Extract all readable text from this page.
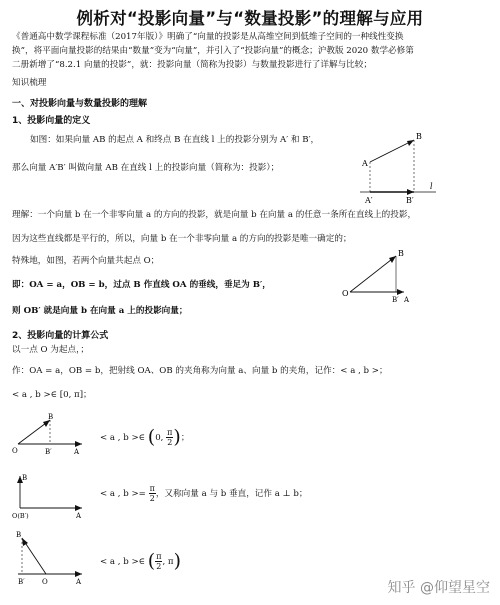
例析对“投影向量”与“数量投影”的理解与应用
《普通高中数学课程标准（2017年版）》明确了“向量的投影是从高维空间到低维子空间的一种线性变换
换”，将平面向量投影的结果由“数量”变为“向量”，并引入了“投影向量”的概念；沪教版 2020 数学必修第
二册新增了“8.2.1 向量的投影”，就：投影向量（简称为投影）与数量投影进行了详解与比较；
知识梳理
一、对投影向量与数量投影的理解
1、投影向量的定义
如图：如果向量 AB 的起点 A 和终点 B 在直线 l 上的投影分别为 A′ 和 B′，
那么向量 A′B′ 叫做向量 AB 在直线 l 上的投影向量（简称为：投影）；	A
B
A′	B′
l
理解：一个向量 b 在一个非零向量 a 的方向的投影，就是向量 b 在向量 a 的任意一条所在直线上的投影，
因为这些直线都是平行的，所以，向量 b 在一个非零向量 a 的方向的投影是唯一确定的；
特殊地，如图，若两个向量共起点 O；
即：OA = a，OB = b，过点 B 作直线 OA 的垂线，垂足为 B′，
O
B
B′ A
则 OB′ 就是向量 b 在向量 a 上的投影向量；
2、投影向量的计算公式
以一点 O 为起点，；
作：OA = a，OB = b，把射线 OA、OB 的夹角称为向量 a、向量 b 的夹角，记作：< a , b >；
< a , b >∈ [0, π]；
O
B
B′	A
< a , b >∈ (0, $\frac{\pi}{2}$ )；
B
O(B′)	A
< a , $b >= \frac{\pi}{2}$ ，又称向量 a 与 b 垂直，记作 a ⊥ b；
B
B′ O	A
< a , b >∈ ( $\frac{\pi}{2}$ , π)
知乎 @仰望星空
